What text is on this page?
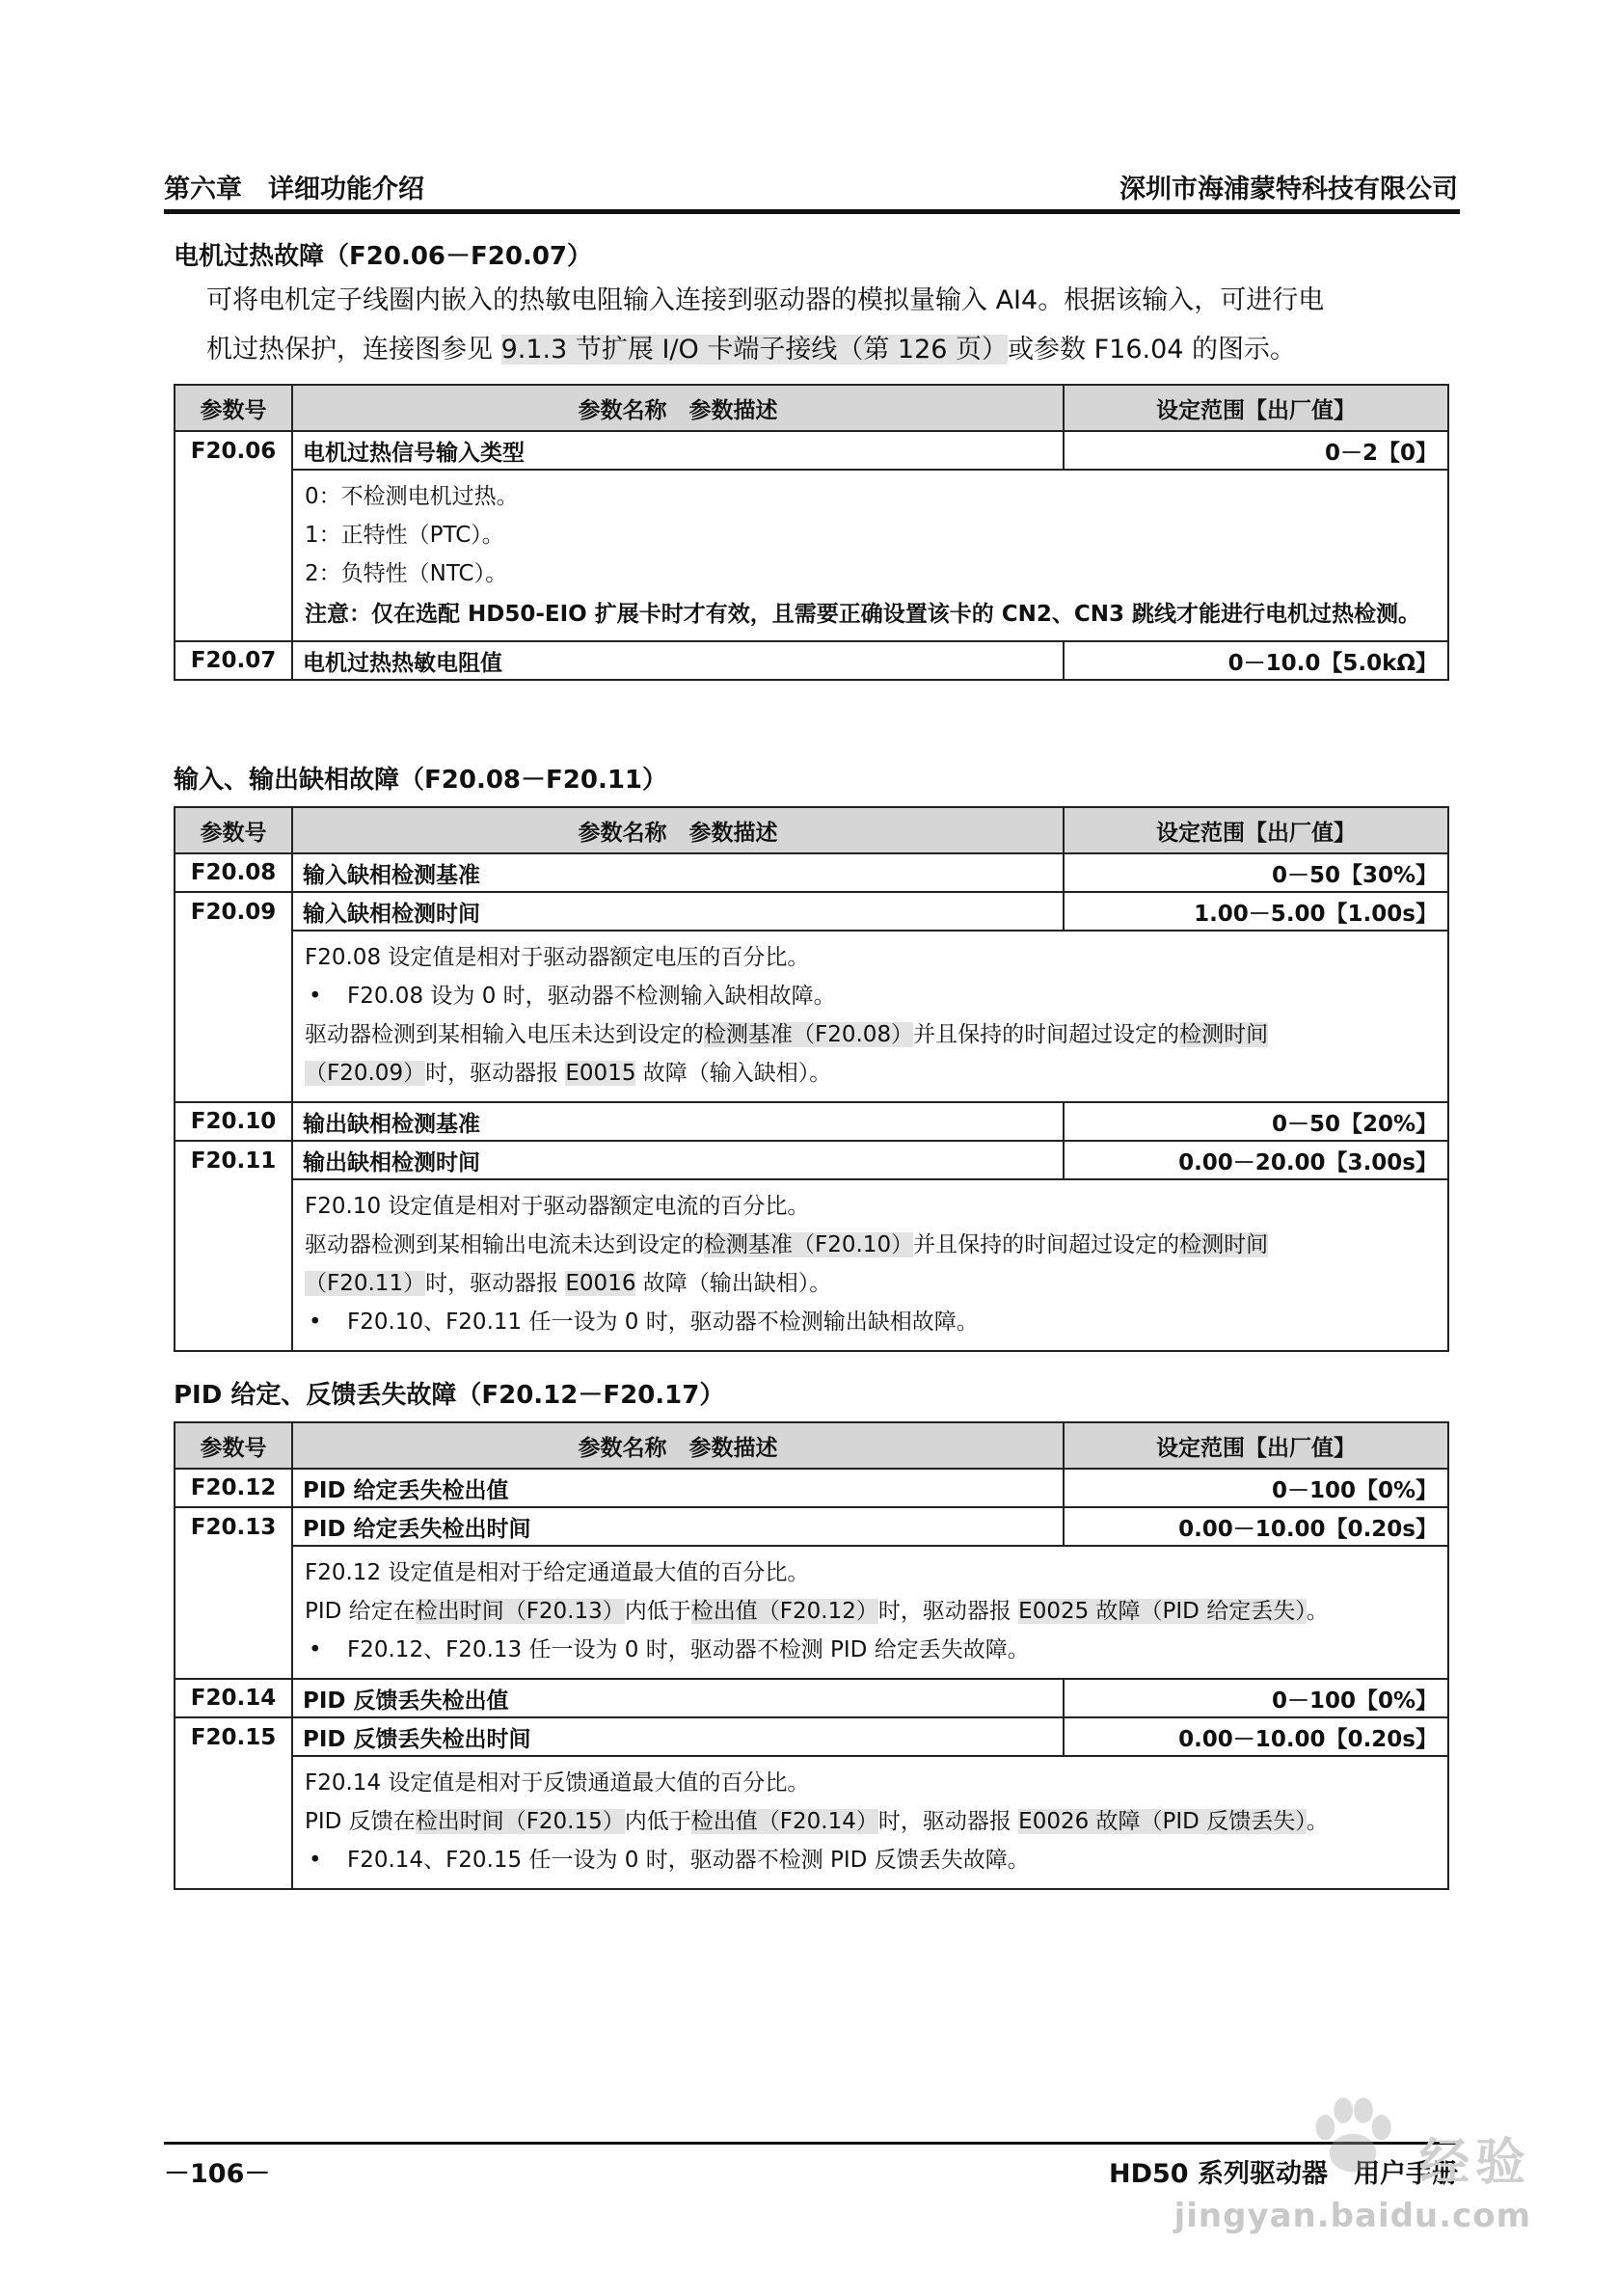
第六章　详细功能介绍	深圳市海浦蒙特科技有限公司
电机过热故障（F20.06－F20.07）
可将电机定子线圈内嵌入的热敏电阻输入连接到驱动器的模拟量输入 AI4。根据该输入，可进行电
机过热保护，连接图参见 9.1.3 节扩展 I/O 卡端子接线（第 126 页）或参数 F16.04 的图示。
参数号	参数名称　参数描述	设定范围【出厂值】
F20.06	电机过热信号输入类型	0－2【0】

	0：不检测电机过热。
1：正特性（PTC）。
2：负特性（NTC）。
注意：仅在选配 HD50-EIO 扩展卡时才有效，且需要正确设置该卡的 CN2、CN3 跳线才能进行电机过热检测。	

F20.07	电机过热热敏电阻值	0－10.0【5.0kΩ】
输入、输出缺相故障（F20.08－F20.11）
参数号	参数名称　参数描述	设定范围【出厂值】
F20.08	输入缺相检测基准	0－50【30%】
F20.09	输入缺相检测时间	1.00－5.00【1.00s】

	F20.08 设定值是相对于驱动器额定电压的百分比。
• F20.08 设为 0 时，驱动器不检测输入缺相故障。
驱动器检测到某相输入电压未达到设定的检测基准（F20.08）并且保持的时间超过设定的检测时间
（F20.09）时，驱动器报 E0015 故障（输入缺相）。	

F20.10	输出缺相检测基准	0－50【20%】
F20.11	输出缺相检测时间	0.00－20.00【3.00s】

	F20.10 设定值是相对于驱动器额定电流的百分比。
驱动器检测到某相输出电流未达到设定的检测基准（F20.10）并且保持的时间超过设定的检测时间
（F20.11）时，驱动器报 E0016 故障（输出缺相）。
• F20.10、F20.11 任一设为 0 时，驱动器不检测输出缺相故障。	
PID 给定、反馈丢失故障（F20.12－F20.17）
参数号	参数名称　参数描述	设定范围【出厂值】
F20.12	PID 给定丢失检出值	0－100【0%】
F20.13	PID 给定丢失检出时间	0.00－10.00【0.20s】

	F20.12 设定值是相对于给定通道最大值的百分比。
PID 给定在检出时间（F20.13）内低于检出值（F20.12）时，驱动器报 E0025 故障（PID 给定丢失）。
• F20.12、F20.13 任一设为 0 时，驱动器不检测 PID 给定丢失故障。	

F20.14	PID 反馈丢失检出值	0－100【0%】
F20.15	PID 反馈丢失检出时间	0.00－10.00【0.20s】

	F20.14 设定值是相对于反馈通道最大值的百分比。
PID 反馈在检出时间（F20.15）内低于检出值（F20.14）时，驱动器报 E0026 故障（PID 反馈丢失）。
• F20.14、F20.15 任一设为 0 时，驱动器不检测 PID 反馈丢失故障。	
－106－	HD50 系列驱动器　用户手册
经验
jingyan.baidu.com
